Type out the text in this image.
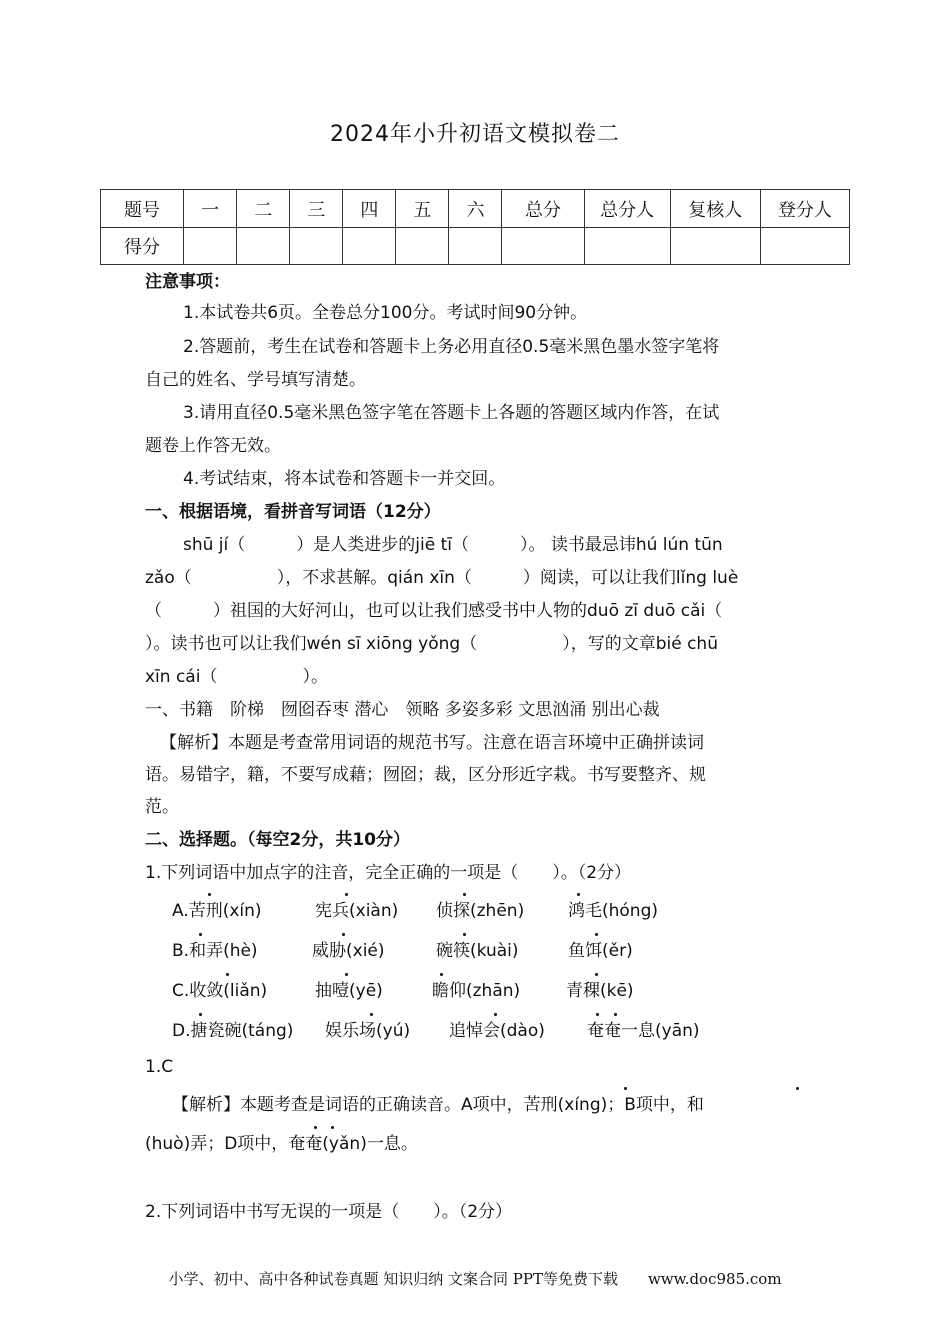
2024年小升初语文模拟卷二
题号	一	二	三	四	五	六	总分	总分人	复核人	登分人
得分										
注意事项：
1.本试卷共6页。全卷总分100分。考试时间90分钟。
2.答题前，考生在试卷和答题卡上务必用直径0.5毫米黑色墨水签字笔将
自己的姓名、学号填写清楚。
3.请用直径0.5毫米黑色签字笔在答题卡上各题的答题区域内作答，在试
题卷上作答无效。
4.考试结束，将本试卷和答题卡一并交回。
一、根据语境，看拼音写词语（12分）
shū jí（　　　）是人类进步的jiē tī（　　　）。 读书最忌讳hú lún tūn
zǎo（　　　　　），不求甚解。qián xīn（　　　）阅读，可以让我们lǐng luè
（　　　）祖国的大好河山，也可以让我们感受书中人物的duō zī duō cǎi（
）。读书也可以让我们wén sī xiōng yǒng（　　　　　），写的文章bié chū
xīn cái（　　　　　）。
一、书籍　阶梯　囫囵吞枣 潜心　领略 多姿多彩 文思汹涌 别出心裁
【解析】本题是考查常用词语的规范书写。注意在语言环境中正确拼读词
语。易错字，籍，不要写成藉；囫囵；裁，区分形近字栽。书写要整齐、规
范。
二、选择题。（每空2分，共10分）
1.下列词语中加点字的注音，完全正确的一项是（　　）。（2分）
A.苦刑(xín)	宪兵(xiàn) 侦探(zhēn)	鸿毛(hóng)
B.和弄(hè)	威胁(xié)	碗筷(kuài)	鱼饵(ěr)
C.收敛(liǎn)	抽噎(yē)	瞻仰(zhān)	青稞(kē)
D.搪瓷碗(táng) 娱乐场(yú) 追悼会(dào) 奄奄一息(yān)
1.C
【解析】本题考查是词语的正确读音。A项中，苦刑(xíng)；B项中，和
(huò)弄；D项中，奄奄(yǎn)一息。
2.下列词语中书写无误的一项是（　　）。（2分）
小学、初中、高中各种试卷真题 知识归纳 文案合同 PPT等免费下载　　www.doc985.com
